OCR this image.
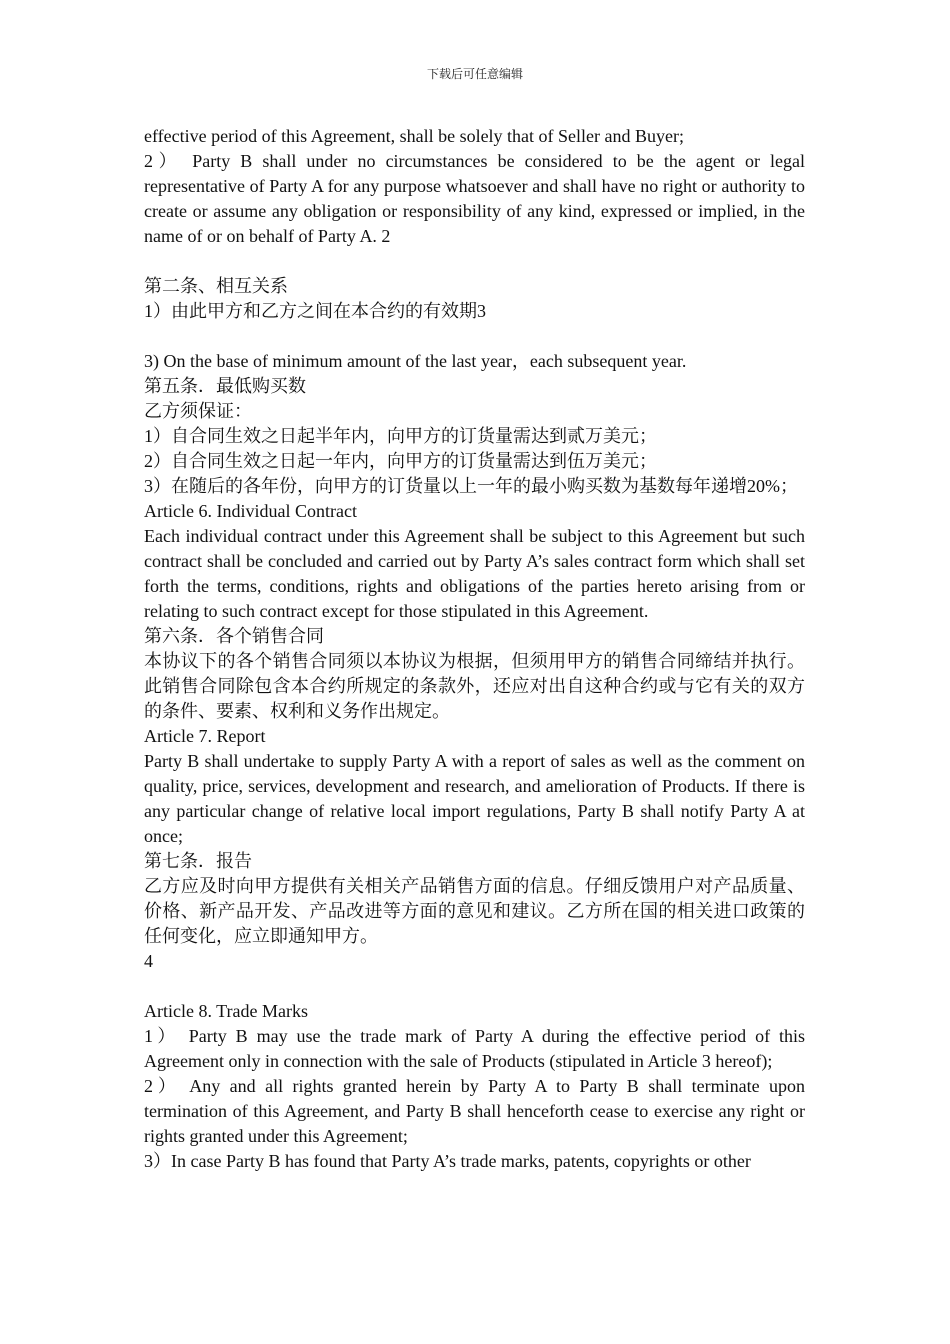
下载后可任意编辑

effective period of this Agreement, shall be solely that of Seller and Buyer;

2） Party B shall under no circumstances be considered to be the agent or legal representative of Party A for any purpose whatsoever and shall have no right or authority to create or assume any obligation or responsibility of any kind, expressed or implied, in the name of or on behalf of Party A. 2

第二条、相互关系

1）由此甲方和乙方之间在本合约的有效期3

3) On the base of minimum amount of the last year，each subsequent year.

第五条．最低购买数

乙方须保证：

1）自合同生效之日起半年内，向甲方的订货量需达到贰万美元；

2）自合同生效之日起一年内，向甲方的订货量需达到伍万美元；

3）在随后的各年份，向甲方的订货量以上一年的最小购买数为基数每年递增20%；

Article 6. Individual Contract

Each individual contract under this Agreement shall be subject to this Agreement but such contract shall be concluded and carried out by Party A’s sales contract form which shall set forth the terms, conditions, rights and obligations of the parties hereto arising from or relating to such contract except for those stipulated in this Agreement.

第六条．各个销售合同

本协议下的各个销售合同须以本协议为根据，但须用甲方的销售合同缔结并执行。此销售合同除包含本合约所规定的条款外，还应对出自这种合约或与它有关的双方的条件、要素、权利和义务作出规定。

Article 7. Report

Party B shall undertake to supply Party A with a report of sales as well as the comment on quality, price, services, development and research, and amelioration of Products. If there is any particular change of relative local import regulations, Party B shall notify Party A at once;

第七条．报告

乙方应及时向甲方提供有关相关产品销售方面的信息。仔细反馈用户对产品质量、价格、新产品开发、产品改进等方面的意见和建议。乙方所在国的相关进口政策的任何变化，应立即通知甲方。

4

Article 8. Trade Marks

1） Party B may use the trade mark of Party A during the effective period of this Agreement only in connection with the sale of Products (stipulated in Article 3 hereof);

2） Any and all rights granted herein by Party A to Party B shall terminate upon termination of this Agreement, and Party B shall henceforth cease to exercise any right or rights granted under this Agreement;

3）In case Party B has found that Party A’s trade marks, patents, copyrights or other
